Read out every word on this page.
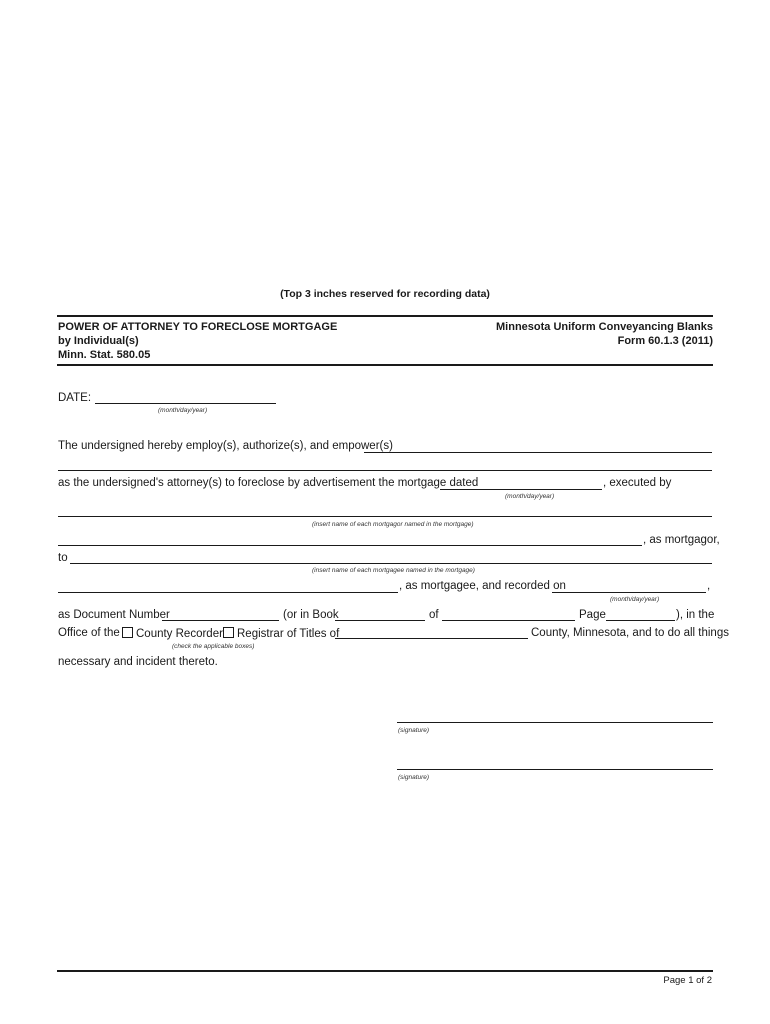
(Top 3 inches reserved for recording data)
POWER OF ATTORNEY TO FORECLOSE MORTGAGE
by Individual(s)
Minn. Stat. 580.05
Minnesota Uniform Conveyancing Blanks
Form 60.1.3 (2011)
DATE:
(month/day/year)
The undersigned hereby employ(s), authorize(s), and empower(s)
as the undersigned's attorney(s) to foreclose by advertisement the mortgage dated	, executed by
(month/day/year)
(insert name of each mortgagor named in the mortgage)
, as mortgagor,
to
(insert name of each mortgagee named in the mortgage)
, as mortgagee, and recorded on	,
(month/day/year)
as Document Number	(or in Book	of	Page	), in the
Office of the	County Recorder	Registrar of Titles of	County, Minnesota, and to do all things
(check the applicable boxes)
necessary and incident thereto.
(signature)
(signature)
Page 1 of 2
